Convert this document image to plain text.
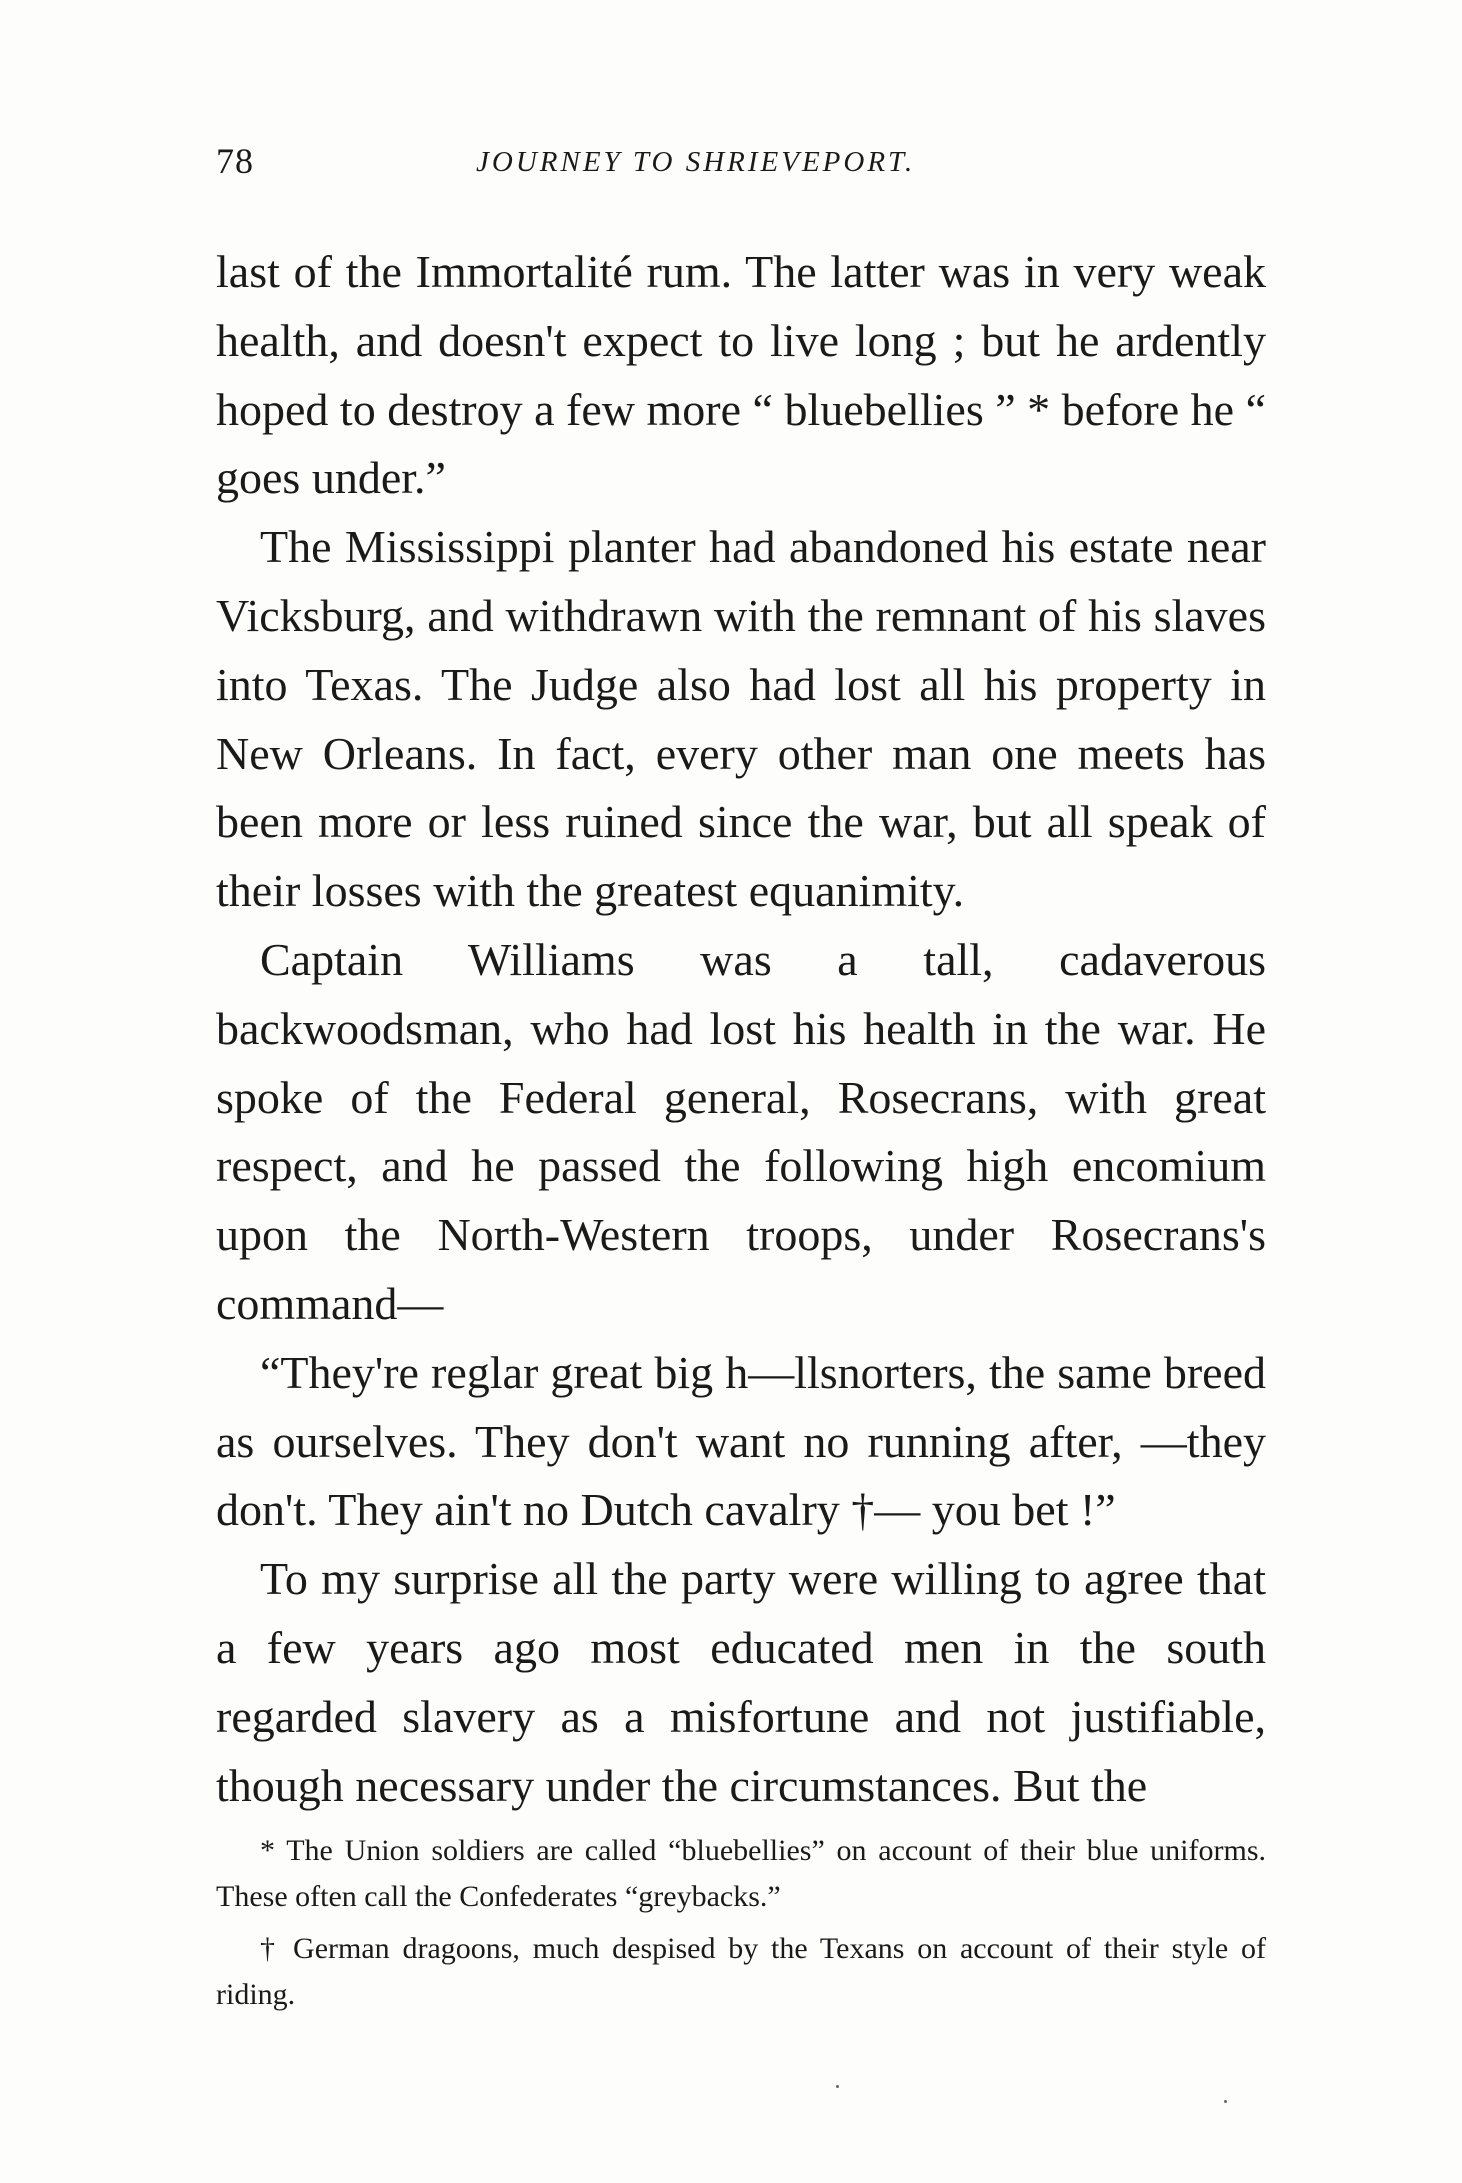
78	JOURNEY TO SHRIEVEPORT.

last of the Immortalité rum. The latter was in very weak health, and doesn't expect to live long ; but he ardently hoped to destroy a few more “ bluebellies ” * before he “ goes under.”

The Mississippi planter had abandoned his estate near Vicksburg, and withdrawn with the remnant of his slaves into Texas. The Judge also had lost all his property in New Orleans. In fact, every other man one meets has been more or less ruined since the war, but all speak of their losses with the greatest equanimity.

Captain Williams was a tall, cadaverous backwoodsman, who had lost his health in the war. He spoke of the Federal general, Rosecrans, with great respect, and he passed the following high encomium upon the North-Western troops, under Rosecrans's command—

“They're reglar great big h—llsnorters, the same breed as ourselves. They don't want no running after, —they don't. They ain't no Dutch cavalry †— you bet !”

To my surprise all the party were willing to agree that a few years ago most educated men in the south regarded slavery as a misfortune and not justifiable, though necessary under the circumstances. But the

* The Union soldiers are called “bluebellies” on account of their blue uniforms. These often call the Confederates “greybacks.”

† German dragoons, much despised by the Texans on account of their style of riding.
